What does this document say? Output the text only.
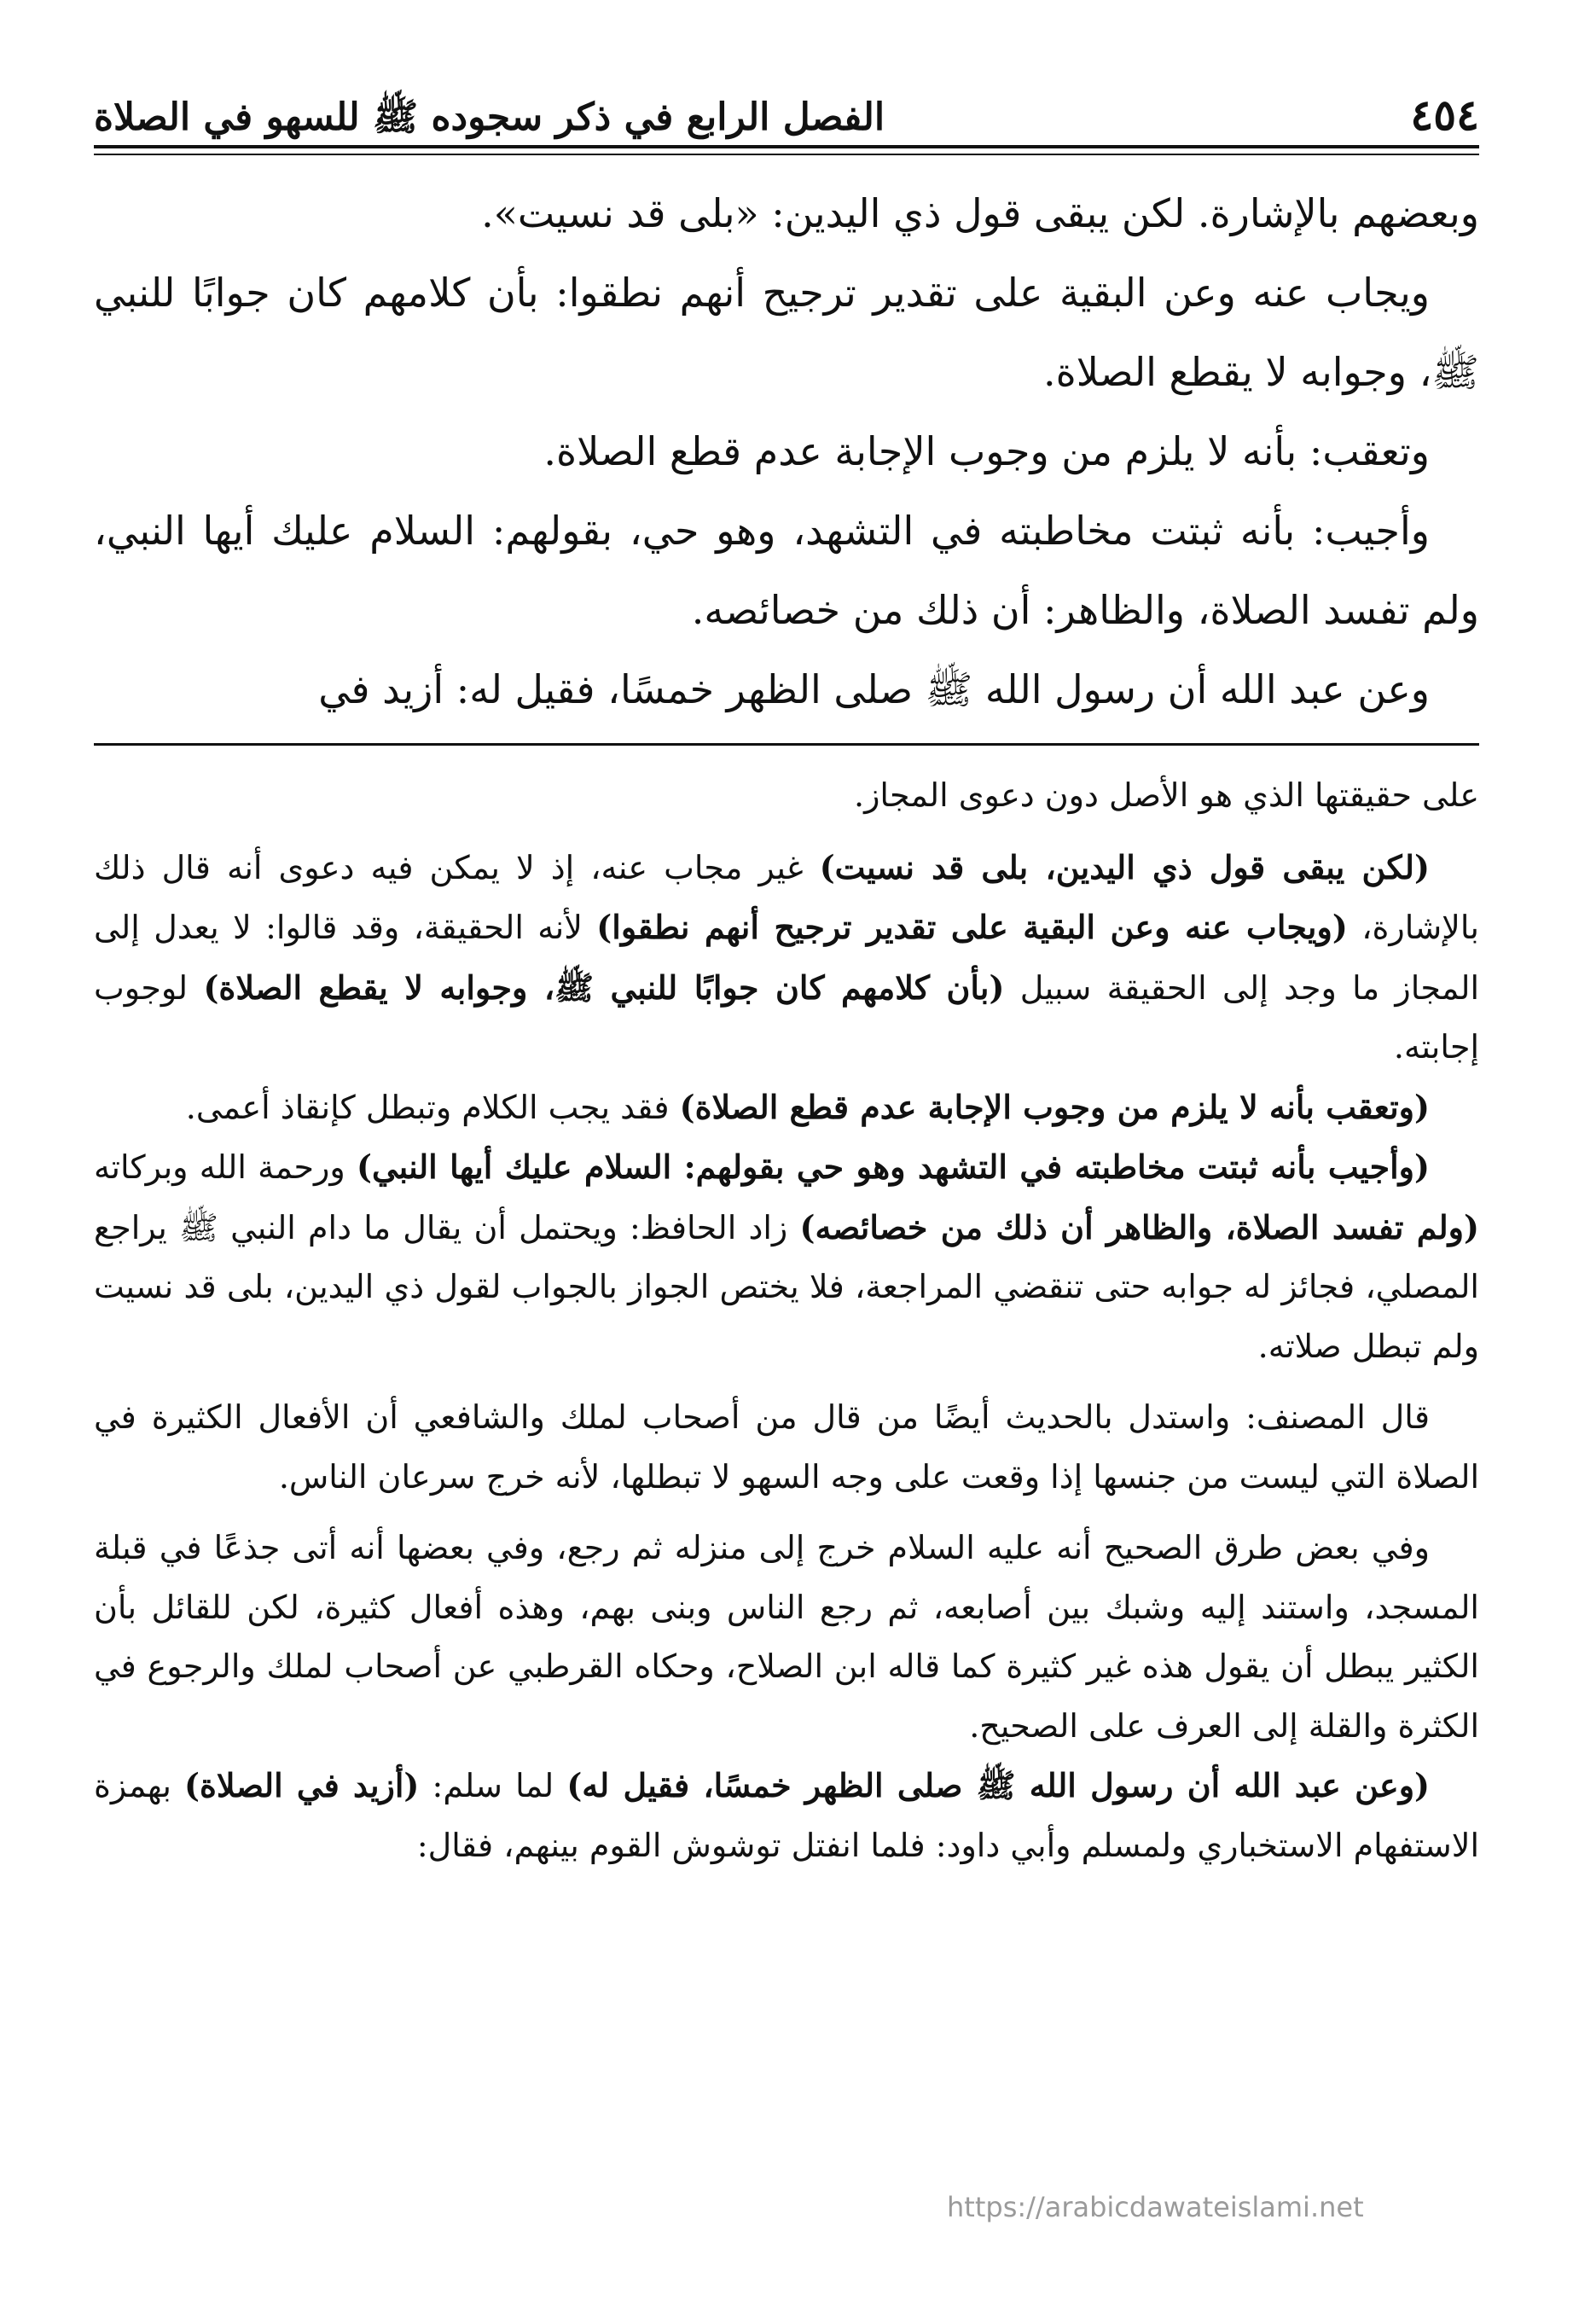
٤٥٤
الفصل الرابع في ذكر سجوده ﷺ للسهو في الصلاة

وبعضهم بالإشارة. لكن يبقى قول ذي اليدين: «بلى قد نسيت».

ويجاب عنه وعن البقية على تقدير ترجيح أنهم نطقوا: بأن كلامهم كان جوابًا للنبي ﷺ، وجوابه لا يقطع الصلاة.

وتعقب: بأنه لا يلزم من وجوب الإجابة عدم قطع الصلاة.

وأجيب: بأنه ثبتت مخاطبته في التشهد، وهو حي، بقولهم: السلام عليك أيها النبي، ولم تفسد الصلاة، والظاهر: أن ذلك من خصائصه.

وعن عبد الله أن رسول الله ﷺ صلى الظهر خمسًا، فقيل له: أزيد في

على حقيقتها الذي هو الأصل دون دعوى المجاز.

(لكن يبقى قول ذي اليدين، بلى قد نسيت) غير مجاب عنه، إذ لا يمكن فيه دعوى أنه قال ذلك بالإشارة، (ويجاب عنه وعن البقية على تقدير ترجيح أنهم نطقوا) لأنه الحقيقة، وقد قالوا: لا يعدل إلى المجاز ما وجد إلى الحقيقة سبيل (بأن كلامهم كان جوابًا للنبي ﷺ، وجوابه لا يقطع الصلاة) لوجوب إجابته.

(وتعقب بأنه لا يلزم من وجوب الإجابة عدم قطع الصلاة) فقد يجب الكلام وتبطل كإنقاذ أعمى.

(وأجيب بأنه ثبتت مخاطبته في التشهد وهو حي بقولهم: السلام عليك أيها النبي) ورحمة الله وبركاته (ولم تفسد الصلاة، والظاهر أن ذلك من خصائصه) زاد الحافظ: ويحتمل أن يقال ما دام النبي ﷺ يراجع المصلي، فجائز له جوابه حتى تنقضي المراجعة، فلا يختص الجواز بالجواب لقول ذي اليدين، بلى قد نسيت ولم تبطل صلاته.

قال المصنف: واستدل بالحديث أيضًا من قال من أصحاب لملك والشافعي أن الأفعال الكثيرة في الصلاة التي ليست من جنسها إذا وقعت على وجه السهو لا تبطلها، لأنه خرج سرعان الناس.

وفي بعض طرق الصحيح أنه عليه السلام خرج إلى منزله ثم رجع، وفي بعضها أنه أتى جذعًا في قبلة المسجد، واستند إليه وشبك بين أصابعه، ثم رجع الناس وبنى بهم، وهذه أفعال كثيرة، لكن للقائل بأن الكثير يبطل أن يقول هذه غير كثيرة كما قاله ابن الصلاح، وحكاه القرطبي عن أصحاب لملك والرجوع في الكثرة والقلة إلى العرف على الصحيح.

(وعن عبد الله أن رسول الله ﷺ صلى الظهر خمسًا، فقيل له) لما سلم: (أزيد في الصلاة) بهمزة الاستفهام الاستخباري ولمسلم وأبي داود: فلما انفتل توشوش القوم بينهم، فقال:

https://arabicdawateislami.net
